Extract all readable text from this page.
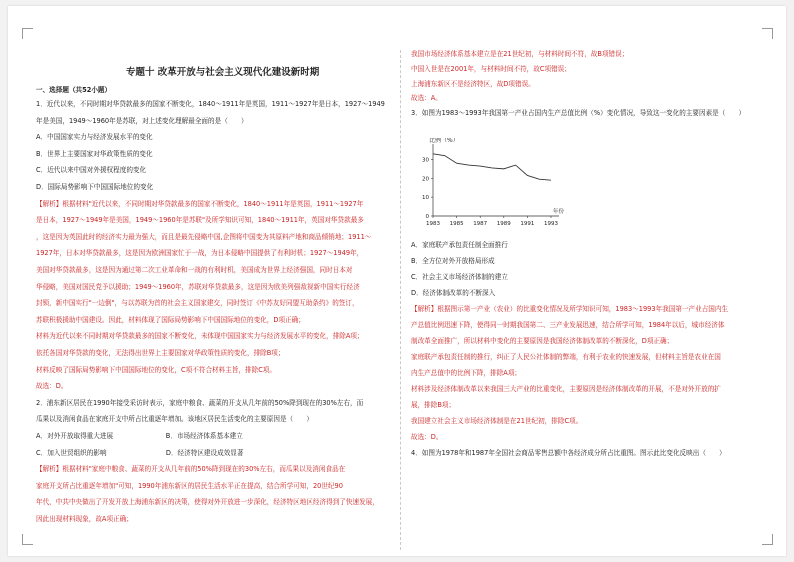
专题十 改革开放与社会主义现代化建设新时期
一、选择题（共52小题）
1．近代以来，不同时期对华贷款最多的国家不断变化，1840～1911年是英国，1911～1927年是日本，1927～1949
年是美国，1949～1960年是苏联，对上述变化理解最全面的是（　　）
A．中国国家实力与经济发展水平的变化
B．世界上主要国家对华政策性质的变化
C．近代以来中国对外援权程度的变化
D．国际局势影响下中国国际地位的变化
【解析】根据材料"近代以来，不同时期对华贷款最多的国家不断变化，1840～1911年是英国，1911～1927年
是日本，1927～1949年是美国，1949～1960年是苏联"及所学知识可知，1840～1911年，英国对华贷款最多
，这是因为英国此时的经济实力最为强大，而且是最先侵略中国,企图将中国变为其原料产地和商品倾销地；1911～
1927年，日本对华贷款最多，这是因为欧洲国家忙于一战，为日本侵略中国提供了有利时机；1927～1949年，
美国对华贷款最多，这是因为通过第二次工业革命和一战的有利时机，美国成为世界上经济强国，同时日本对
华侵略，美国对国民党予以援助；1949～1960年，苏联对华贷款最多，这是因为欧美列强敌视新中国实行经济
封锁，新中国实行"一边倒"，与以苏联为首的社会主义国家建交，同时签订《中苏友好同盟互助条约》的签订，
苏联积极援助中国建设。因此，材料体现了国际局势影响下中国国际地位的变化，D项正确；
材料为近代以来不同时期对华贷款最多的国家不断变化，未体现中国国家实力与经济发展水平的变化，排除A项；
依托各国对华贷款的变化，无法得出世界上主要国家对华政策性质的变化，排除B项；
材料反映了国际局势影响下中国国际地位的变化，C项不符合材料主旨，排除C项。
故选：D。
2．浦东新区居民在1990年接受采访时表示，家庭中粮食、蔬菜的开支从几年前的50%降到现在的30%左右，而
瓜果以及消闲食品在家庭开支中所占比重逐年增加。该地区居民生活变化的主要原因是（　　）
A．对外开放取得重大进展　　　　　　　　B．市场经济体系基本建立
C．加入世贸组织的影响　　　　　　　　　D．经济特区建设成效显著
【解析】根据材料"家庭中粮食、蔬菜的开支从几年前的50%降到现在的30%左右，而瓜果以及消闲食品在
家庭开支所占比重逐年增加"可知，1990年浦东新区的居民生活水平正在提高，结合所学可知，20世纪90
年代，中共中央做出了开发开放上海浦东新区的决策，使得对外开放进一步深化，经济特区地区经济得到了快速发展，
因此出现材料现象，故A项正确；
我国市场经济体系基本建立是在21世纪初，与材料时间不符，故B项错误；
中国入世是在2001年，与材料时间不符，故C项错误；
上海浦东新区不是经济特区，故D项错误。
故选：A。
3．如图为1983～1993年我国第一产业占国内生产总值比例（%）变化情况，导致这一变化的主要因素是（　　）
比例（%）
年份
0
10
20
30
1983 1985 1987 1989 1991 1993
A．家庭联产承包责任制全面推行
B．全方位对外开放格局形成
C．社会主义市场经济体制的建立
D．经济体制改革的不断深入
【解析】根据图示第一产业（农业）的比重变化情况及所学知识可知，1983～1993年我国第一产业占国内生
产总值比例迅速下降，使得同一时期我国第二、三产业发展迅速，结合所学可知，1984年以后，城市经济体
制改革全面推广，所以材料中变化的主要原因是我国经济体制改革的不断深化，D项正确；
家庭联产承包责任制的推行，纠正了人民公社体制的弊端，有利于农业的快速发展，但材料主旨是农业在国
内生产总值中的比例下降，排除A项；
材料涉及经济体制改革以来我国三大产业的比重变化，主要原因是经济体制改革的开展，不是对外开放的扩
展，排除B项；
我国建立社会主义市场经济体制是在21世纪初，排除C项。
故选：D。
4．如图为1978年和1987年全国社会商品零售总额中各经济成分所占比重图。图示此比变化反映出（　　）
